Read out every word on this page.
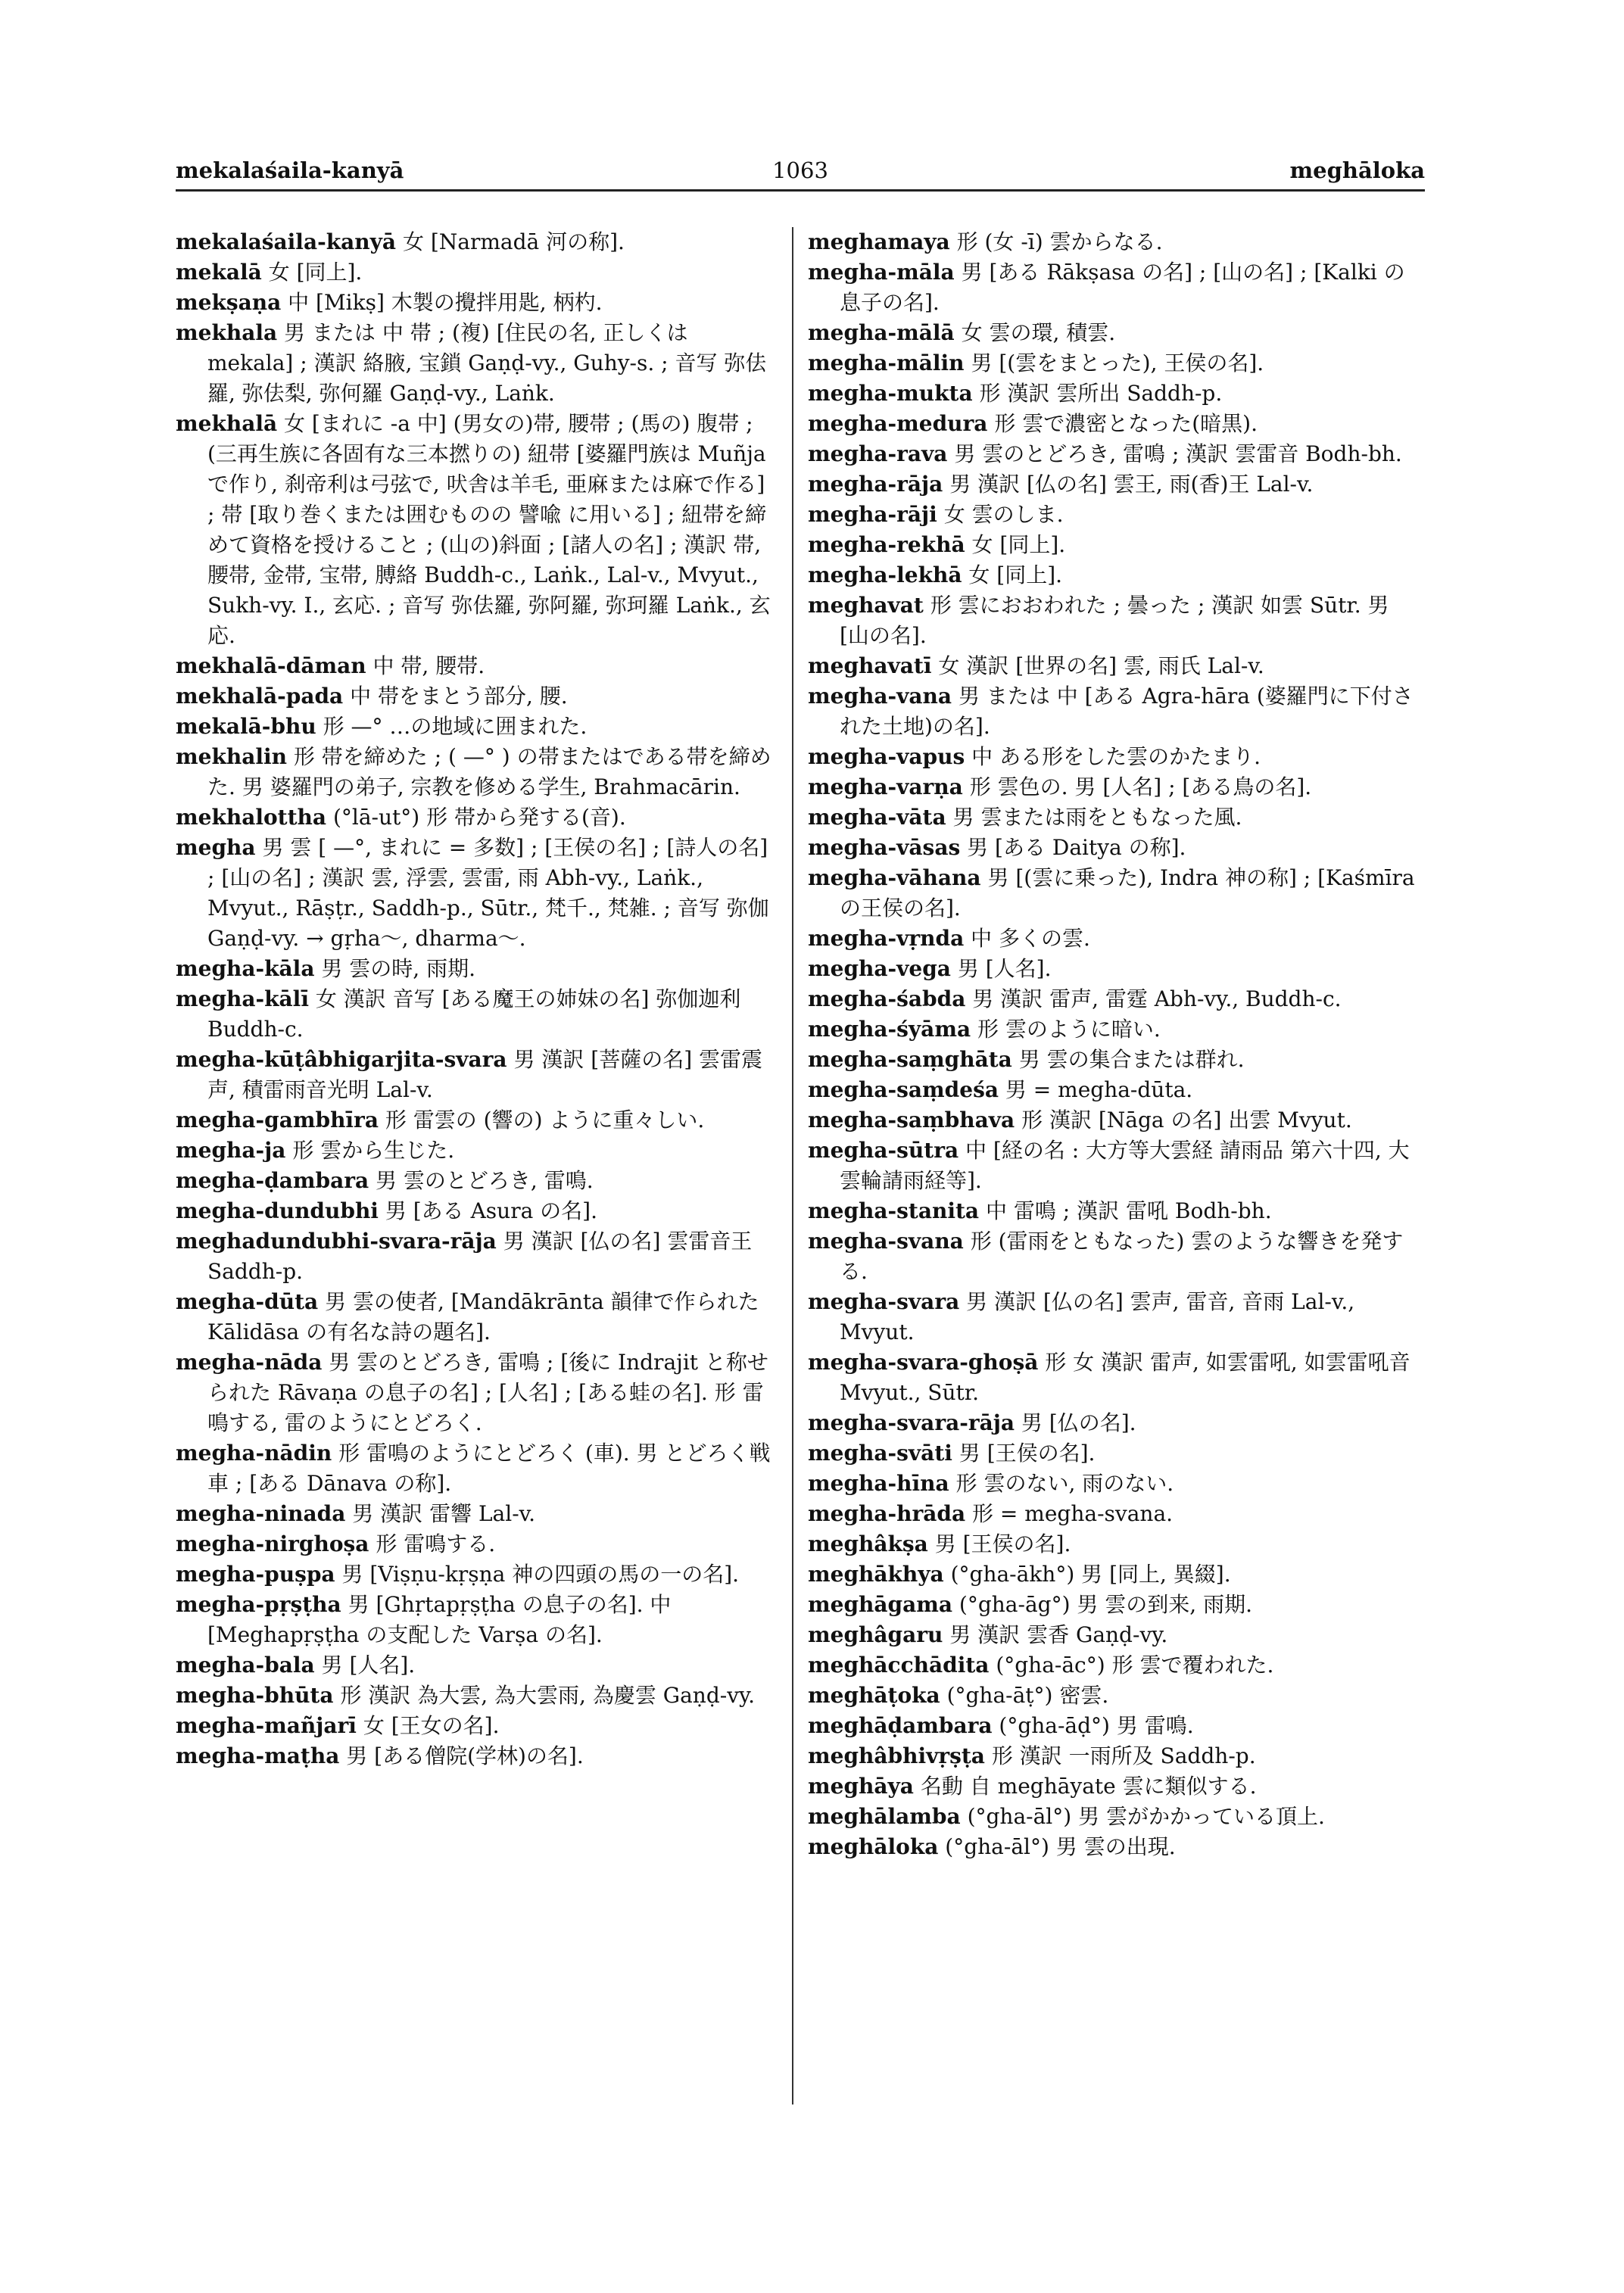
mekalaśaila-kanyā	1063	meghāloka

mekalaśaila-kanyā 女 [Narmadā 河の称].

mekalā 女 [同上].

mekṣaṇa 中 [Mikṣ] 木製の攪拌用匙, 柄杓.

mekhala 男 または 中 帯 ; (複) [住民の名, 正しくは mekala] ; 漢訳 絡腋, 宝鎖 Gaṇḍ-vy., Guhy-s. ; 音写 弥佉羅, 弥佉梨, 弥何羅 Gaṇḍ-vy., Laṅk.

mekhalā 女 [まれに -a 中] (男女の)帯, 腰帯 ; (馬の) 腹帯 ; (三再生族に各固有な三本撚りの) 紐帯 [婆羅門族は Muñja で作り, 刹帝利は弓弦で, 吠舎は羊毛, 亜麻または麻で作る] ; 帯 [取り巻くまたは囲むものの 譬喩 に用いる] ; 紐帯を締めて資格を授けること ; (山の)斜面 ; [諸人の名] ; 漢訳 帯, 腰帯, 金帯, 宝帯, 膊絡 Buddh-c., Laṅk., Lal-v., Mvyut., Sukh-vy. I., 玄応. ; 音写 弥佉羅, 弥阿羅, 弥珂羅 Laṅk., 玄応.

mekhalā-dāman 中 帯, 腰帯.

mekhalā-pada 中 帯をまとう部分, 腰.

mekalā-bhu 形 —° …の地域に囲まれた.

mekhalin 形 帯を締めた ; ( —° ) の帯またはである帯を締めた. 男 婆羅門の弟子, 宗教を修める学生, Brahmacārin.

mekhalottha (°lā-ut°) 形 帯から発する(音).

megha 男 雲 [ —°, まれに = 多数] ; [王侯の名] ; [詩人の名] ; [山の名] ; 漢訳 雲, 浮雲, 雲雷, 雨 Abh-vy., Laṅk., Mvyut., Rāṣṭr., Saddh-p., Sūtr., 梵千., 梵雑. ; 音写 弥伽 Gaṇḍ-vy. → gṛha〜, dharma〜.

megha-kāla 男 雲の時, 雨期.

megha-kālī 女 漢訳 音写 [ある魔王の姉妹の名] 弥伽迦利 Buddh-c.

megha-kūṭâbhigarjita-svara 男 漢訳 [菩薩の名] 雲雷震声, 積雷雨音光明 Lal-v.

megha-gambhīra 形 雷雲の (響の) ように重々しい.

megha-ja 形 雲から生じた.

megha-ḍambara 男 雲のとどろき, 雷鳴.

megha-dundubhi 男 [ある Asura の名].

meghadundubhi-svara-rāja 男 漢訳 [仏の名] 雲雷音王 Saddh-p.

megha-dūta 男 雲の使者, [Mandākrānta 韻律で作られた Kālidāsa の有名な詩の題名].

megha-nāda 男 雲のとどろき, 雷鳴 ; [後に Indrajit と称せられた Rāvaṇa の息子の名] ; [人名] ; [ある蛙の名]. 形 雷鳴する, 雷のようにとどろく.

megha-nādin 形 雷鳴のようにとどろく (車). 男 とどろく戦車 ; [ある Dānava の称].

megha-ninada 男 漢訳 雷響 Lal-v.

megha-nirghoṣa 形 雷鳴する.

megha-puṣpa 男 [Viṣṇu-kṛṣṇa 神の四頭の馬の一の名].

megha-pṛṣṭha 男 [Ghṛtapṛṣṭha の息子の名]. 中 [Meghapṛṣṭha の支配した Varṣa の名].

megha-bala 男 [人名].

megha-bhūta 形 漢訳 為大雲, 為大雲雨, 為慶雲 Gaṇḍ-vy.

megha-mañjarī 女 [王女の名].

megha-maṭha 男 [ある僧院(学林)の名].

meghamaya 形 (女 -ī) 雲からなる.

megha-māla 男 [ある Rākṣasa の名] ; [山の名] ; [Kalki の息子の名].

megha-mālā 女 雲の環, 積雲.

megha-mālin 男 [(雲をまとった), 王侯の名].

megha-mukta 形 漢訳 雲所出 Saddh-p.

megha-medura 形 雲で濃密となった(暗黒).

megha-rava 男 雲のとどろき, 雷鳴 ; 漢訳 雲雷音 Bodh-bh.

megha-rāja 男 漢訳 [仏の名] 雲王, 雨(香)王 Lal-v.

megha-rāji 女 雲のしま.

megha-rekhā 女 [同上].

megha-lekhā 女 [同上].

meghavat 形 雲におおわれた ; 曇った ; 漢訳 如雲 Sūtr. 男 [山の名].

meghavatī 女 漢訳 [世界の名] 雲, 雨氏 Lal-v.

megha-vana 男 または 中 [ある Agra-hāra (婆羅門に下付された土地)の名].

megha-vapus 中 ある形をした雲のかたまり.

megha-varṇa 形 雲色の. 男 [人名] ; [ある鳥の名].

megha-vāta 男 雲または雨をともなった風.

megha-vāsas 男 [ある Daitya の称].

megha-vāhana 男 [(雲に乗った), Indra 神の称] ; [Kaśmīra の王侯の名].

megha-vṛnda 中 多くの雲.

megha-vega 男 [人名].

megha-śabda 男 漢訳 雷声, 雷霆 Abh-vy., Buddh-c.

megha-śyāma 形 雲のように暗い.

megha-saṃghāta 男 雲の集合または群れ.

megha-saṃdeśa 男 = megha-dūta.

megha-saṃbhava 形 漢訳 [Nāga の名] 出雲 Mvyut.

megha-sūtra 中 [経の名 : 大方等大雲経 請雨品 第六十四, 大雲輪請雨経等].

megha-stanita 中 雷鳴 ; 漢訳 雷吼 Bodh-bh.

megha-svana 形 (雷雨をともなった) 雲のような響きを発する.

megha-svara 男 漢訳 [仏の名] 雲声, 雷音, 音雨 Lal-v., Mvyut.

megha-svara-ghoṣā 形 女 漢訳 雷声, 如雲雷吼, 如雲雷吼音 Mvyut., Sūtr.

megha-svara-rāja 男 [仏の名].

megha-svāti 男 [王侯の名].

megha-hīna 形 雲のない, 雨のない.

megha-hrāda 形 = megha-svana.

meghâkṣa 男 [王侯の名].

meghākhya (°gha-ākh°) 男 [同上, 異綴].

meghāgama (°gha-āg°) 男 雲の到来, 雨期.

meghâgaru 男 漢訳 雲香 Gaṇḍ-vy.

meghācchādita (°gha-āc°) 形 雲で覆われた.

meghāṭoka (°gha-āṭ°) 密雲.

meghāḍambara (°gha-āḍ°) 男 雷鳴.

meghâbhivṛṣṭa 形 漢訳 一雨所及 Saddh-p.

meghāya 名動 自 meghāyate 雲に類似する.

meghālamba (°gha-āl°) 男 雲がかかっている頂上.

meghāloka (°gha-āl°) 男 雲の出現.
